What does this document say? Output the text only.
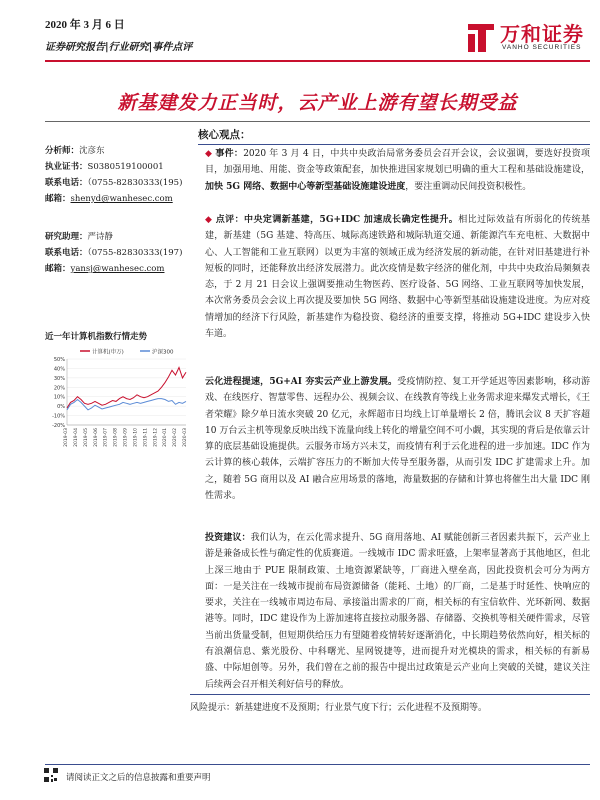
2020 年 3 月 6 日
证券研究报告|行业研究|事件点评
万和证券
VANHO SECURITIES
新基建发力正当时，云产业上游有望长期受益
分析师：沈彦东
执业证书：S0380519100001
联系电话：（0755-82830333(195)
邮箱：shenyd@wanhesec.com
研究助理：严诗静
联系电话：（0755-82830333(197)
邮箱：yansj@wanhesec.com
近一年计算机指数行情走势
计算机(申万)	沪深300
50%
40%
30%
20%
10%
0%
-10%
-20%
2019-03 2019-04 2019-05 2019-06 2019-07 2019-08 2019-09 2019-10 2019-11 2019-12 2020-01 2020-02 2020-03
核心观点：

◆ 事件：2020 年 3 月 4 日，中共中央政治局常务委员会召开会议，会议强调，要选好投资项目，加强用地、用能、资金等政策配套，加快推进国家规划已明确的重大工程和基础设施建设，加快 5G 网络、数据中心等新型基础设施建设进度，要注重调动民间投资积极性。

◆ 点评：中央定调新基建，5G+IDC 加速成长确定性提升。相比过际效益有所弱化的传统基建，新基建（5G 基建、特高压、城际高速铁路和城际轨道交通、新能源汽车充电桩、大数据中心、人工智能和工业互联网）以更为丰富的领域正成为经济发展的新动能，在针对旧基建进行补短板的同时，还能释放出经济发展潜力。此次疫情是数字经济的催化剂，中共中央政治局频频表态，于 2 月 21 日会议上强调要推动生物医药、医疗设备、5G 网络、工业互联网等加快发展，本次常务委员会会议上再次提及要加快 5G 网络、数据中心等新型基础设施建设进度。为应对疫情增加的经济下行风险，新基建作为稳投资、稳经济的重要支撑，将推动 5G+IDC 建设步入快车道。

云化进程提速，5G+AI 夯实云产业上游发展。受疫情防控、复工开学延迟等因素影响，移动游戏、在线医疗、智慧零售、远程办公、视频会议、在线教育等线上业务需求迎来爆发式增长，《王者荣耀》除夕单日流水突破 20 亿元，永辉超市日均线上订单量增长 2 倍，腾讯会议 8 天扩容超 10 万台云主机等现象反映出线下流量向线上转化的增量空间不可小觑，其实现的背后是依靠云计算的底层基础设施提供。云服务市场方兴未艾，而疫情有利于云化进程的进一步加速。IDC 作为云计算的核心载体，云端扩容压力的不断加大传导至服务器，从而引发 IDC 扩建需求上升。加之，随着 5G 商用以及 AI 融合应用场景的落地，海量数据的存储和计算也将催生出大量 IDC 刚性需求。

投资建议：我们认为，在云化需求提升、5G 商用落地、AI 赋能创新三者因素共振下，云产业上游是兼备成长性与确定性的优质赛道。一线城市 IDC 需求旺盛，上架率显著高于其他地区，但北上深三地由于 PUE 限制政策、土地资源紧缺等，厂商进入壁垒高，因此投资机会可分为两方面：一是关注在一线城市提前布局资源储备（能耗、土地）的厂商，二是基于时延性、快响应的要求，关注在一线城市周边布局、承接溢出需求的厂商，相关标的有宝信软件、光环新网、数据港等。同时，IDC 建设作为上游加速将直接拉动服务器、存储器、交换机等相关硬件需求，尽管当前出货量受制，但短期供给压力有望随着疫情转好逐渐消化，中长期趋势依然向好，相关标的有浪潮信息、紫光股份、中科曙光、星网锐捷等，进而提升对光模块的需求，相关标的有新易盛、中际旭创等。另外，我们曾在之前的报告中提出过政策是云产业向上突破的关键，建议关注后续两会召开相关利好信号的释放。

风险提示：新基建进度不及预期；行业景气度下行；云化进程不及预期等。
请阅读正文之后的信息披露和重要声明
